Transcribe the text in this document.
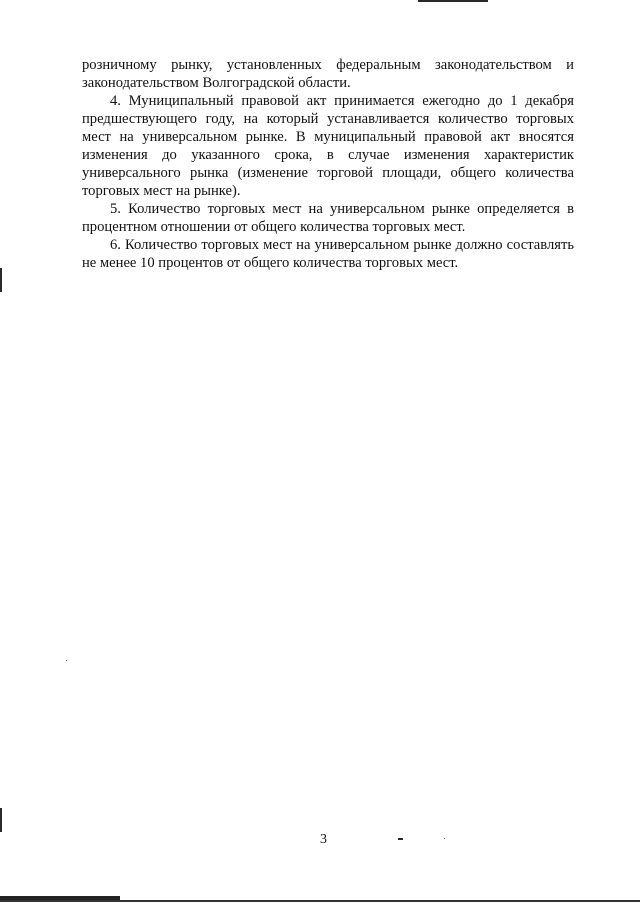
розничному рынку, установленных федеральным законодательством и законодательством Волгоградской области.

4. Муниципальный правовой акт принимается ежегодно до 1 декабря предшествующего году, на который устанавливается количество торговых мест на универсальном рынке. В муниципальный правовой акт вносятся изменения до указанного срока, в случае изменения характеристик универсального рынка (изменение торговой площади, общего количества торговых мест на рынке).

5. Количество торговых мест на универсальном рынке определяется в процентном отношении от общего количества торговых мест.

6. Количество торговых мест на универсальном рынке должно составлять не менее 10 процентов от общего количества торговых мест.

3
